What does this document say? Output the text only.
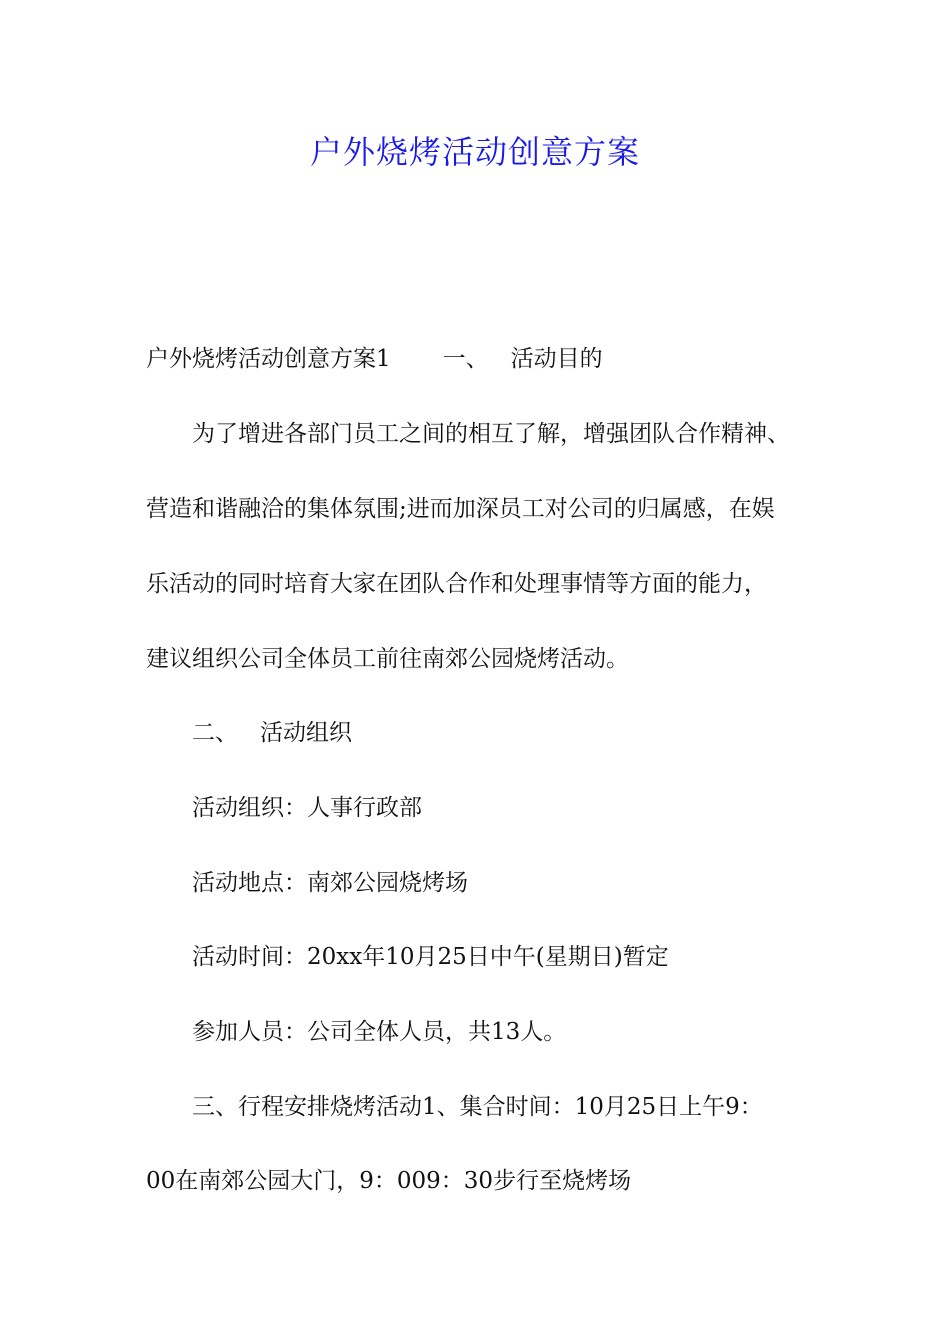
户外烧烤活动创意方案

户外烧烤活动创意方案1 一、 活动目的

为了增进各部门员工之间的相互了解，增强团队合作精神、

营造和谐融洽的集体氛围;进而加深员工对公司的归属感，在娱

乐活动的同时培育大家在团队合作和处理事情等方面的能力，

建议组织公司全体员工前往南郊公园烧烤活动。

二、 活动组织

活动组织：人事行政部

活动地点：南郊公园烧烤场

活动时间：20xx年10月25日中午(星期日)暂定

参加人员：公司全体人员，共13人。

三、行程安排烧烤活动1、集合时间：10月25日上午9：

00在南郊公园大门，9：009：30步行至烧烤场
